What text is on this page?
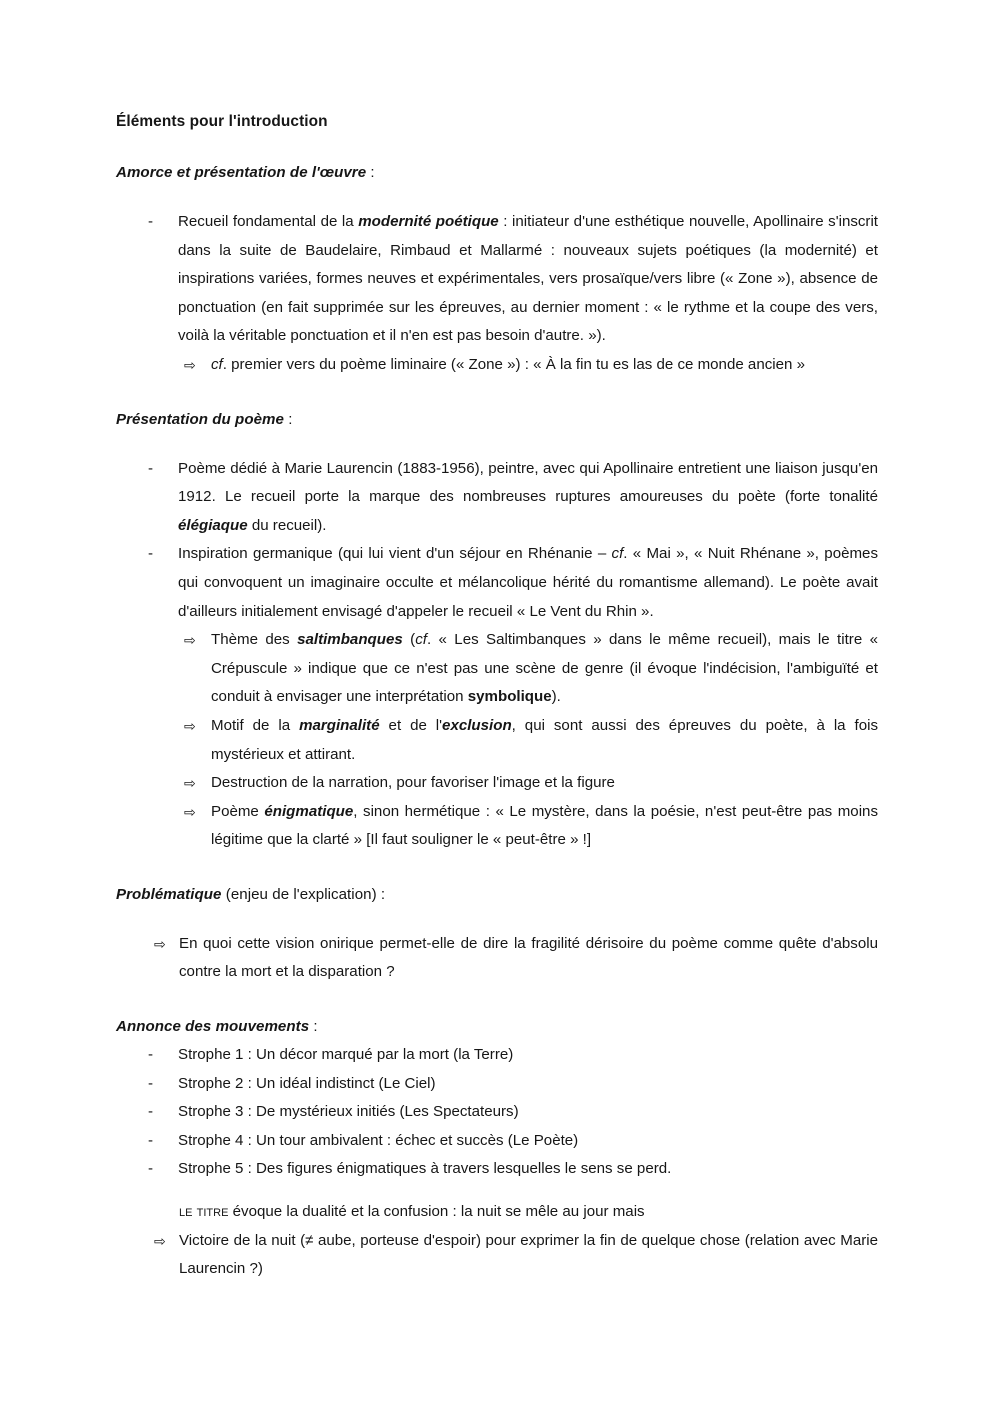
Éléments pour l'introduction

Amorce et présentation de l'œuvre :

-	Recueil fondamental de la modernité poétique : initiateur d'une esthétique nouvelle, Apollinaire s'inscrit dans la suite de Baudelaire, Rimbaud et Mallarmé : nouveaux sujets poétiques (la modernité) et inspirations variées, formes neuves et expérimentales, vers prosaïque/vers libre (« Zone »), absence de ponctuation (en fait supprimée sur les épreuves, au dernier moment : « le rythme et la coupe des vers, voilà la véritable ponctuation et il n'en est pas besoin d'autre. »).
⇨	cf. premier vers du poème liminaire (« Zone ») : « À la fin tu es las de ce monde ancien »

Présentation du poème :

-	Poème dédié à Marie Laurencin (1883-1956), peintre, avec qui Apollinaire entretient une liaison jusqu'en 1912. Le recueil porte la marque des nombreuses ruptures amoureuses du poète (forte tonalité élégiaque du recueil).
-	Inspiration germanique (qui lui vient d'un séjour en Rhénanie – cf. « Mai », « Nuit Rhénane », poèmes qui convoquent un imaginaire occulte et mélancolique hérité du romantisme allemand). Le poète avait d'ailleurs initialement envisagé d'appeler le recueil « Le Vent du Rhin ».
⇨	Thème des saltimbanques (cf. « Les Saltimbanques » dans le même recueil), mais le titre « Crépuscule » indique que ce n'est pas une scène de genre (il évoque l'indécision, l'ambiguïté et conduit à envisager une interprétation symbolique).
⇨	Motif de la marginalité et de l'exclusion, qui sont aussi des épreuves du poète, à la fois mystérieux et attirant.
⇨	Destruction de la narration, pour favoriser l'image et la figure
⇨	Poème énigmatique, sinon hermétique : « Le mystère, dans la poésie, n'est peut-être pas moins légitime que la clarté » [Il faut souligner le « peut-être » !]

Problématique (enjeu de l'explication) :

⇨ En quoi cette vision onirique permet-elle de dire la fragilité dérisoire du poème comme quête d'absolu contre la mort et la disparation ?

Annonce des mouvements :

-	Strophe 1 : Un décor marqué par la mort (la Terre)
-	Strophe 2 : Un idéal indistinct (Le Ciel)
-	Strophe 3 : De mystérieux initiés (Les Spectateurs)
-	Strophe 4 : Un tour ambivalent : échec et succès (Le Poète)
-	Strophe 5 : Des figures énigmatiques à travers lesquelles le sens se perd.
le titre évoque la dualité et la confusion : la nuit se mêle au jour mais
⇨ Victoire de la nuit (≠ aube, porteuse d'espoir) pour exprimer la fin de quelque chose (relation avec Marie Laurencin ?)
